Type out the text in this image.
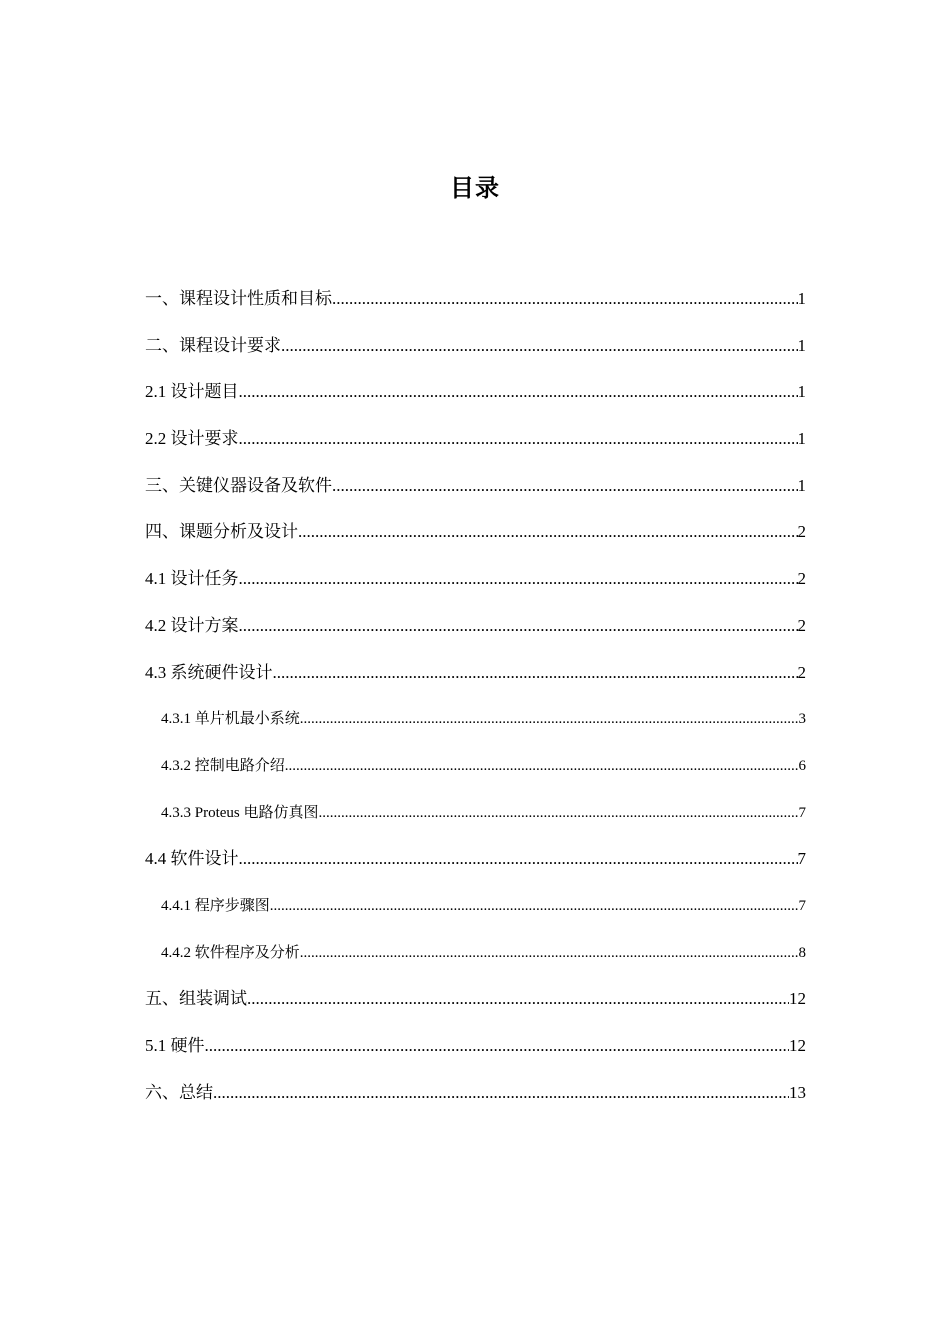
目录
一、课程设计性质和目标 .....	1
二、课程设计要求 .....	1
2.1 设计题目 .....	1
2.2 设计要求 .....	1
三、关键仪器设备及软件 .....	1
四、课题分析及设计 .....	2
4.1 设计任务 .....	2
4.2 设计方案 .....	2
4.3 系统硬件设计 .....	2
4.3.1 单片机最小系统 .....	3
4.3.2 控制电路介绍 .....	6
4.3.3 Proteus 电路仿真图 .....	7
4.4 软件设计 .....	7
4.4.1 程序步骤图 .....	7
4.4.2 软件程序及分析 .....	8
五、组装调试 .....	12
5.1 硬件 .....	12
六、总结 .....	13
